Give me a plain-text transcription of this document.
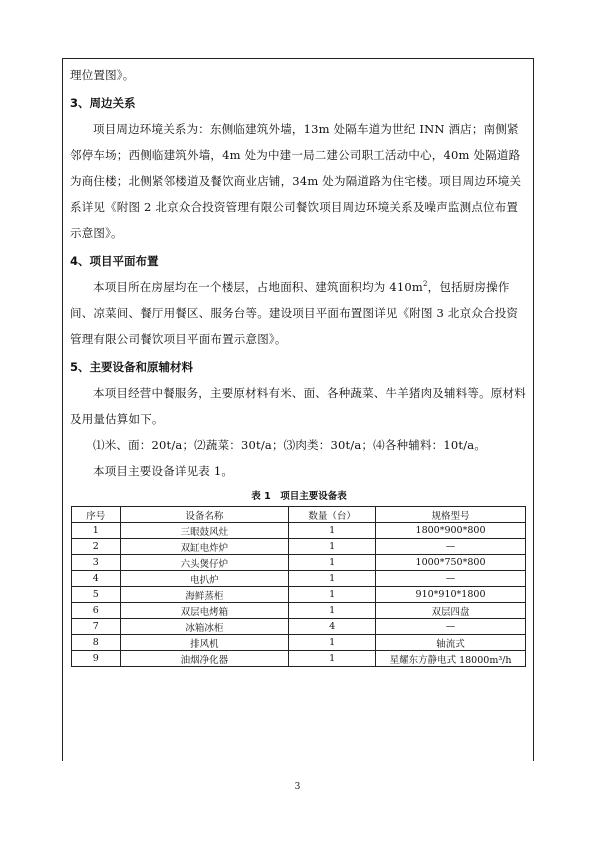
理位置图》。

3、周边关系

项目周边环境关系为：东侧临建筑外墙，13m 处隔车道为世纪 INN 酒店；南侧紧邻停车场；西侧临建筑外墙，4m 处为中建一局二建公司职工活动中心，40m 处隔道路为商住楼；北侧紧邻楼道及餐饮商业店铺，34m 处为隔道路为住宅楼。项目周边环境关系详见《附图 2 北京众合投资管理有限公司餐饮项目周边环境关系及噪声监测点位布置示意图》。

4、项目平面布置

本项目所在房屋均在一个楼层，占地面积、建筑面积均为 $410m^2$，包括厨房操作间、凉菜间、餐厅用餐区、服务台等。建设项目平面布置图详见《附图 3 北京众合投资管理有限公司餐饮项目平面布置示意图》。

5、主要设备和原辅材料

本项目经营中餐服务，主要原材料有米、面、各种蔬菜、牛羊猪肉及辅料等。原材料及用量估算如下。

⑴米、面：20t/a；⑵蔬菜：30t/a；⑶肉类：30t/a；⑷各种辅料：10t/a。

本项目主要设备详见表 1。

表 1　项目主要设备表

序号	设备名称	数量（台）	规格型号
1	三眼鼓风灶	1	1800*900*800
2	双缸电炸炉	1	—
3	六头煲仔炉	1	1000*750*800
4	电扒炉	1	—
5	海鲜蒸柜	1	910*910*1800
6	双层电烤箱	1	双层四盘
7	冰箱冰柜	4	—
8	排风机	1	轴流式
9	油烟净化器	1	星耀东方静电式 18000m³/h
3
